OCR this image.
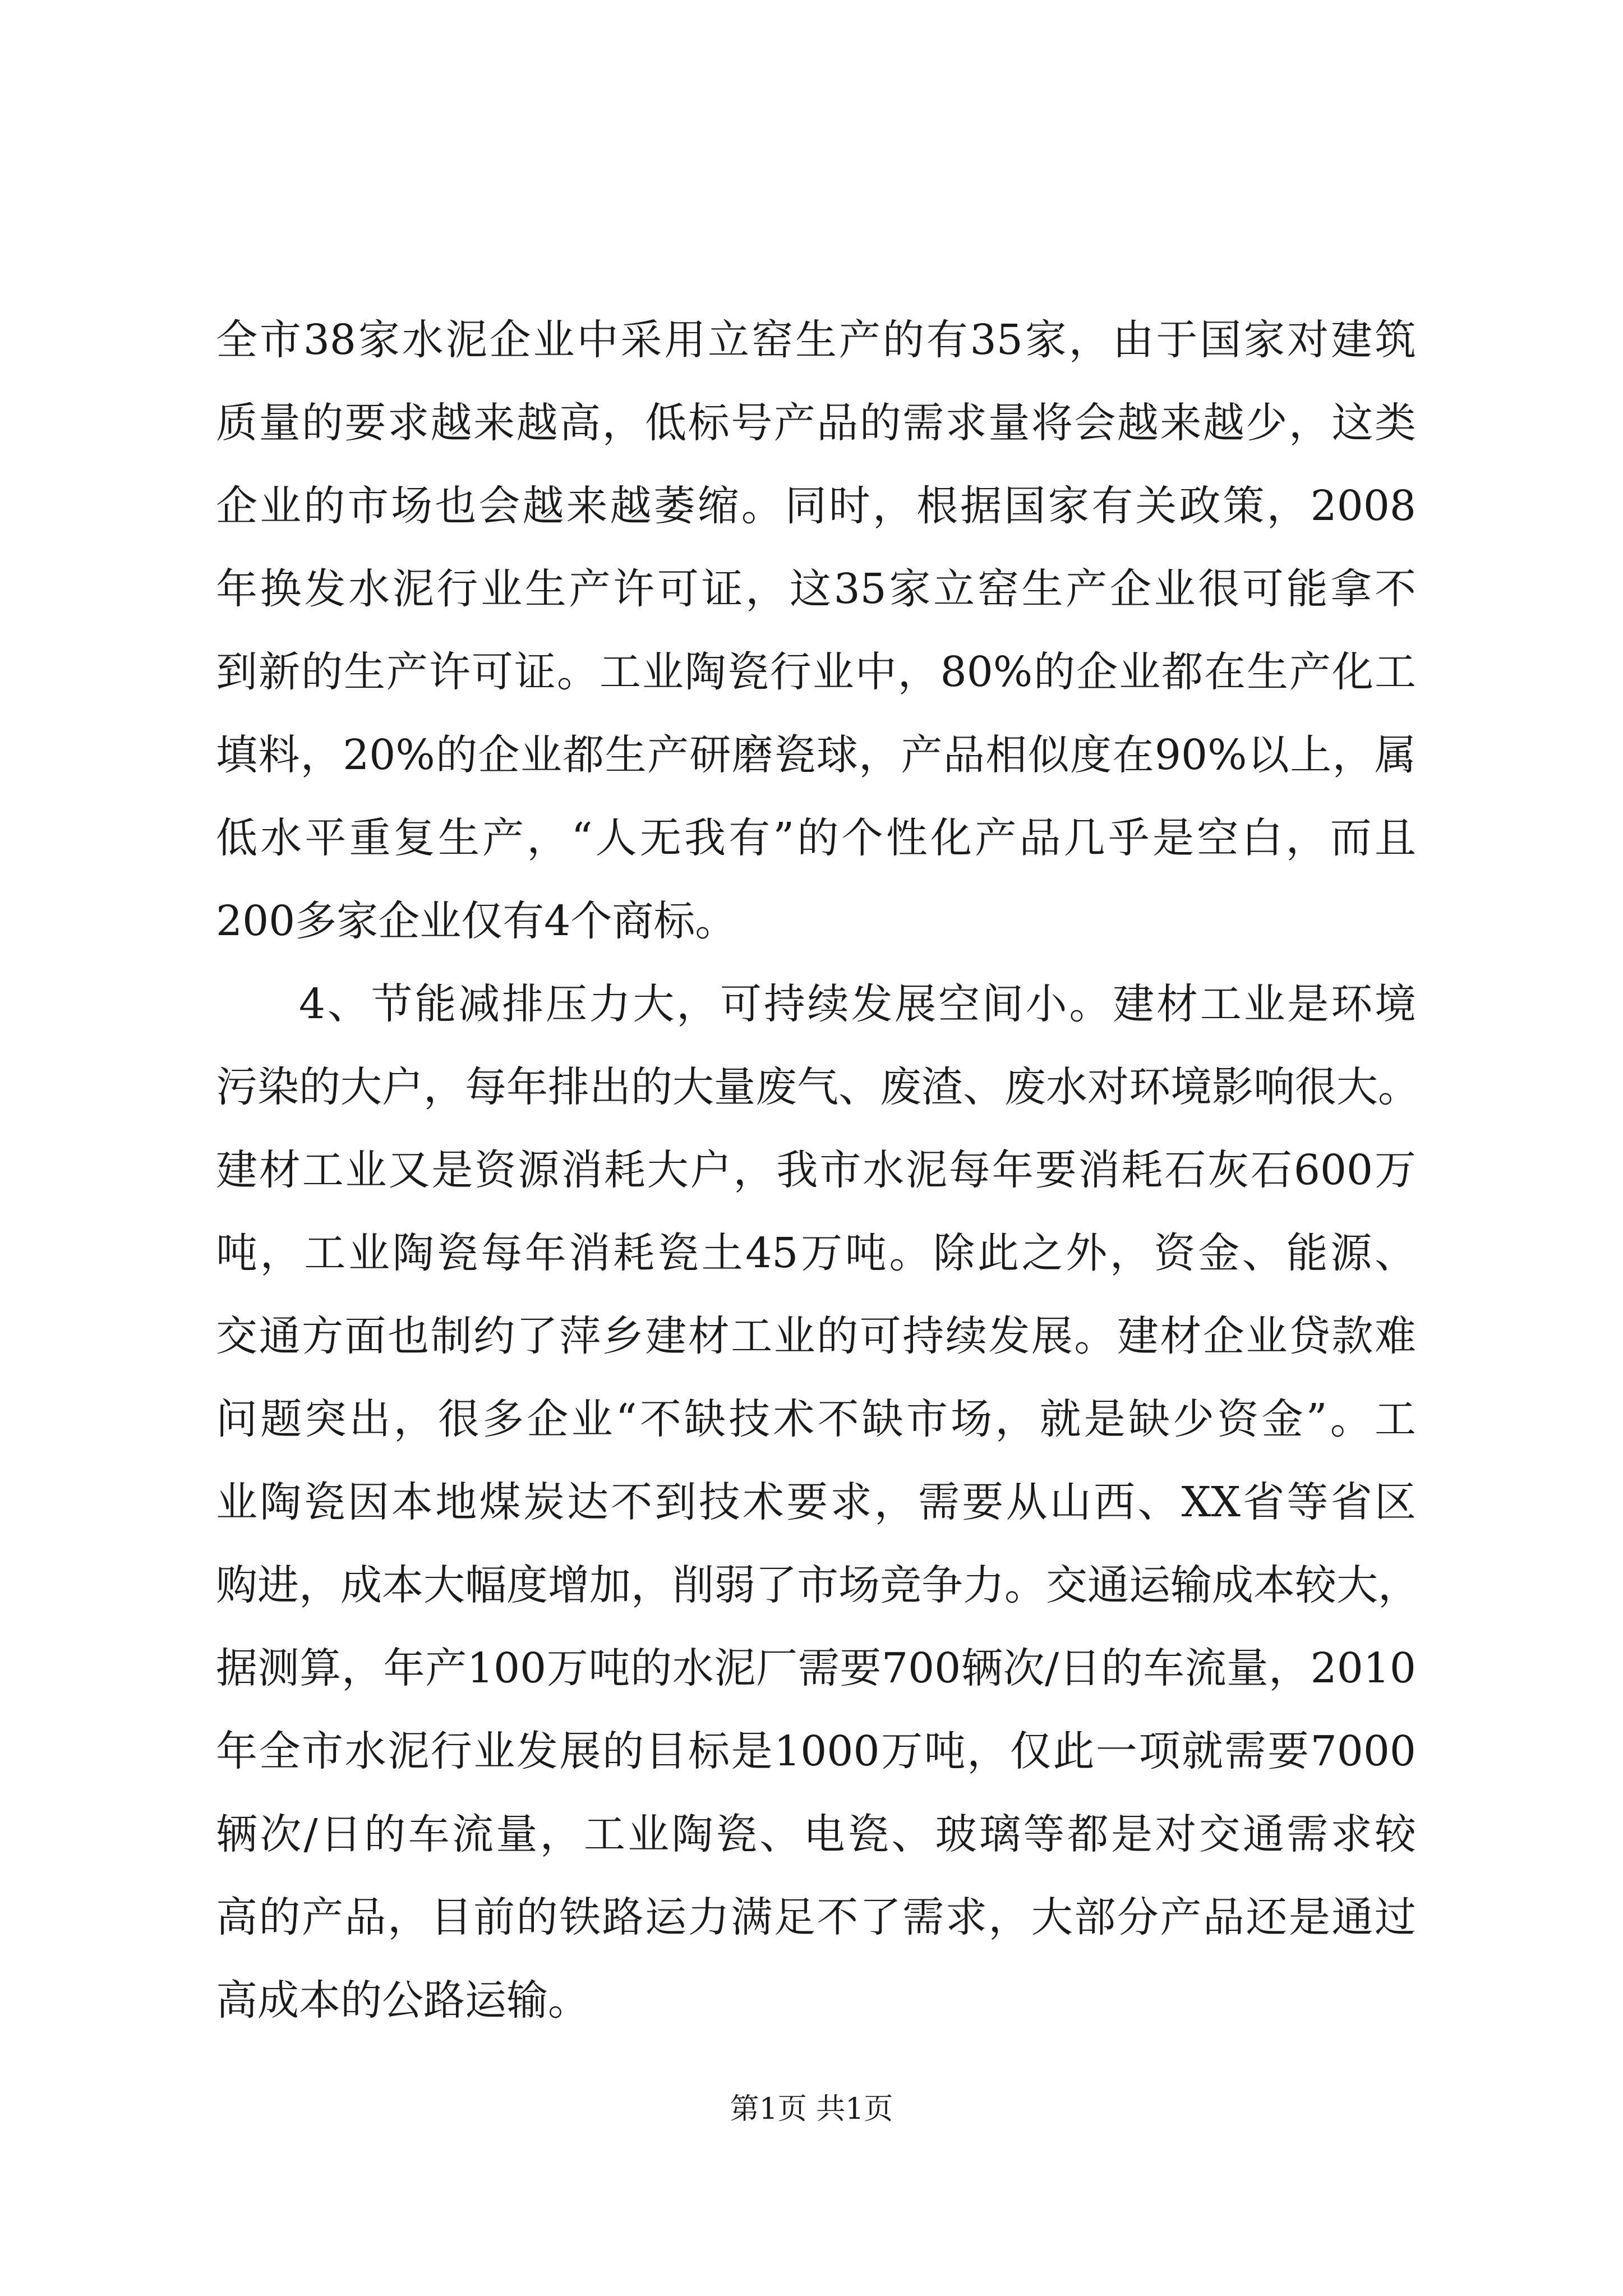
全市38家水泥企业中采用立窑生产的有35家，由于国家对建筑
质量的要求越来越高，低标号产品的需求量将会越来越少，这类
企业的市场也会越来越萎缩。同时，根据国家有关政策，2008
年换发水泥行业生产许可证，这35家立窑生产企业很可能拿不
到新的生产许可证。工业陶瓷行业中，80%的企业都在生产化工
填料，20%的企业都生产研磨瓷球，产品相似度在90%以上，属
低水平重复生产，“人无我有”的个性化产品几乎是空白，而且
200多家企业仅有4个商标。
4、节能减排压力大，可持续发展空间小。建材工业是环境
污染的大户，每年排出的大量废气、废渣、废水对环境影响很大。
建材工业又是资源消耗大户，我市水泥每年要消耗石灰石600万
吨，工业陶瓷每年消耗瓷土45万吨。除此之外，资金、能源、
交通方面也制约了萍乡建材工业的可持续发展。建材企业贷款难
问题突出，很多企业“不缺技术不缺市场，就是缺少资金”。工
业陶瓷因本地煤炭达不到技术要求，需要从山西、XX省等省区
购进，成本大幅度增加，削弱了市场竞争力。交通运输成本较大，
据测算，年产100万吨的水泥厂需要700辆次/日的车流量，2010
年全市水泥行业发展的目标是1000万吨，仅此一项就需要7000
辆次/日的车流量，工业陶瓷、电瓷、玻璃等都是对交通需求较
高的产品，目前的铁路运力满足不了需求，大部分产品还是通过
高成本的公路运输。
第1页 共1页
